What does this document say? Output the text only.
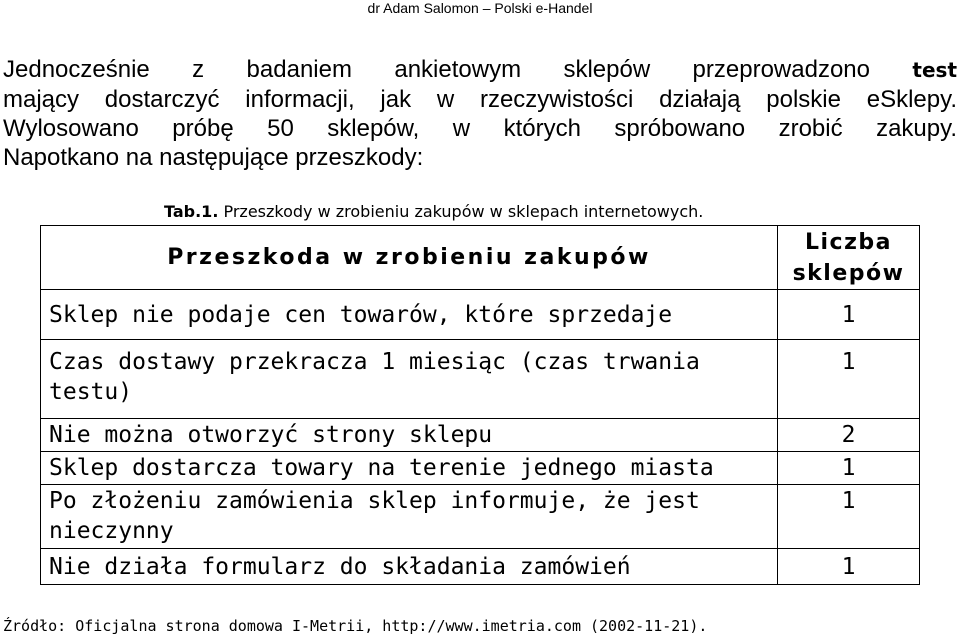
dr Adam Salomon – Polski e-Handel
Jednocześnie z badaniem ankietowym sklepów przeprowadzono test
mający dostarczyć informacji, jak w rzeczywistości działają polskie eSklepy.
Wylosowano próbę 50 sklepów, w których spróbowano zrobić zakupy.
Napotkano na następujące przeszkody:
Tab.1. Przeszkody w zrobieniu zakupów w sklepach internetowych.
Przeszkoda w zrobieniu zakupów	Liczba
sklepów
Sklep nie podaje cen towarów, które sprzedaje	1
Czas dostawy przekracza 1 miesiąc (czas trwania
testu)	1
Nie można otworzyć strony sklepu	2
Sklep dostarcza towary na terenie jednego miasta	1
Po złożeniu zamówienia sklep informuje, że jest
nieczynny	1
Nie działa formularz do składania zamówień	1
Źródło: Oficjalna strona domowa I-Metrii, http://www.imetria.com (2002-11-21).
